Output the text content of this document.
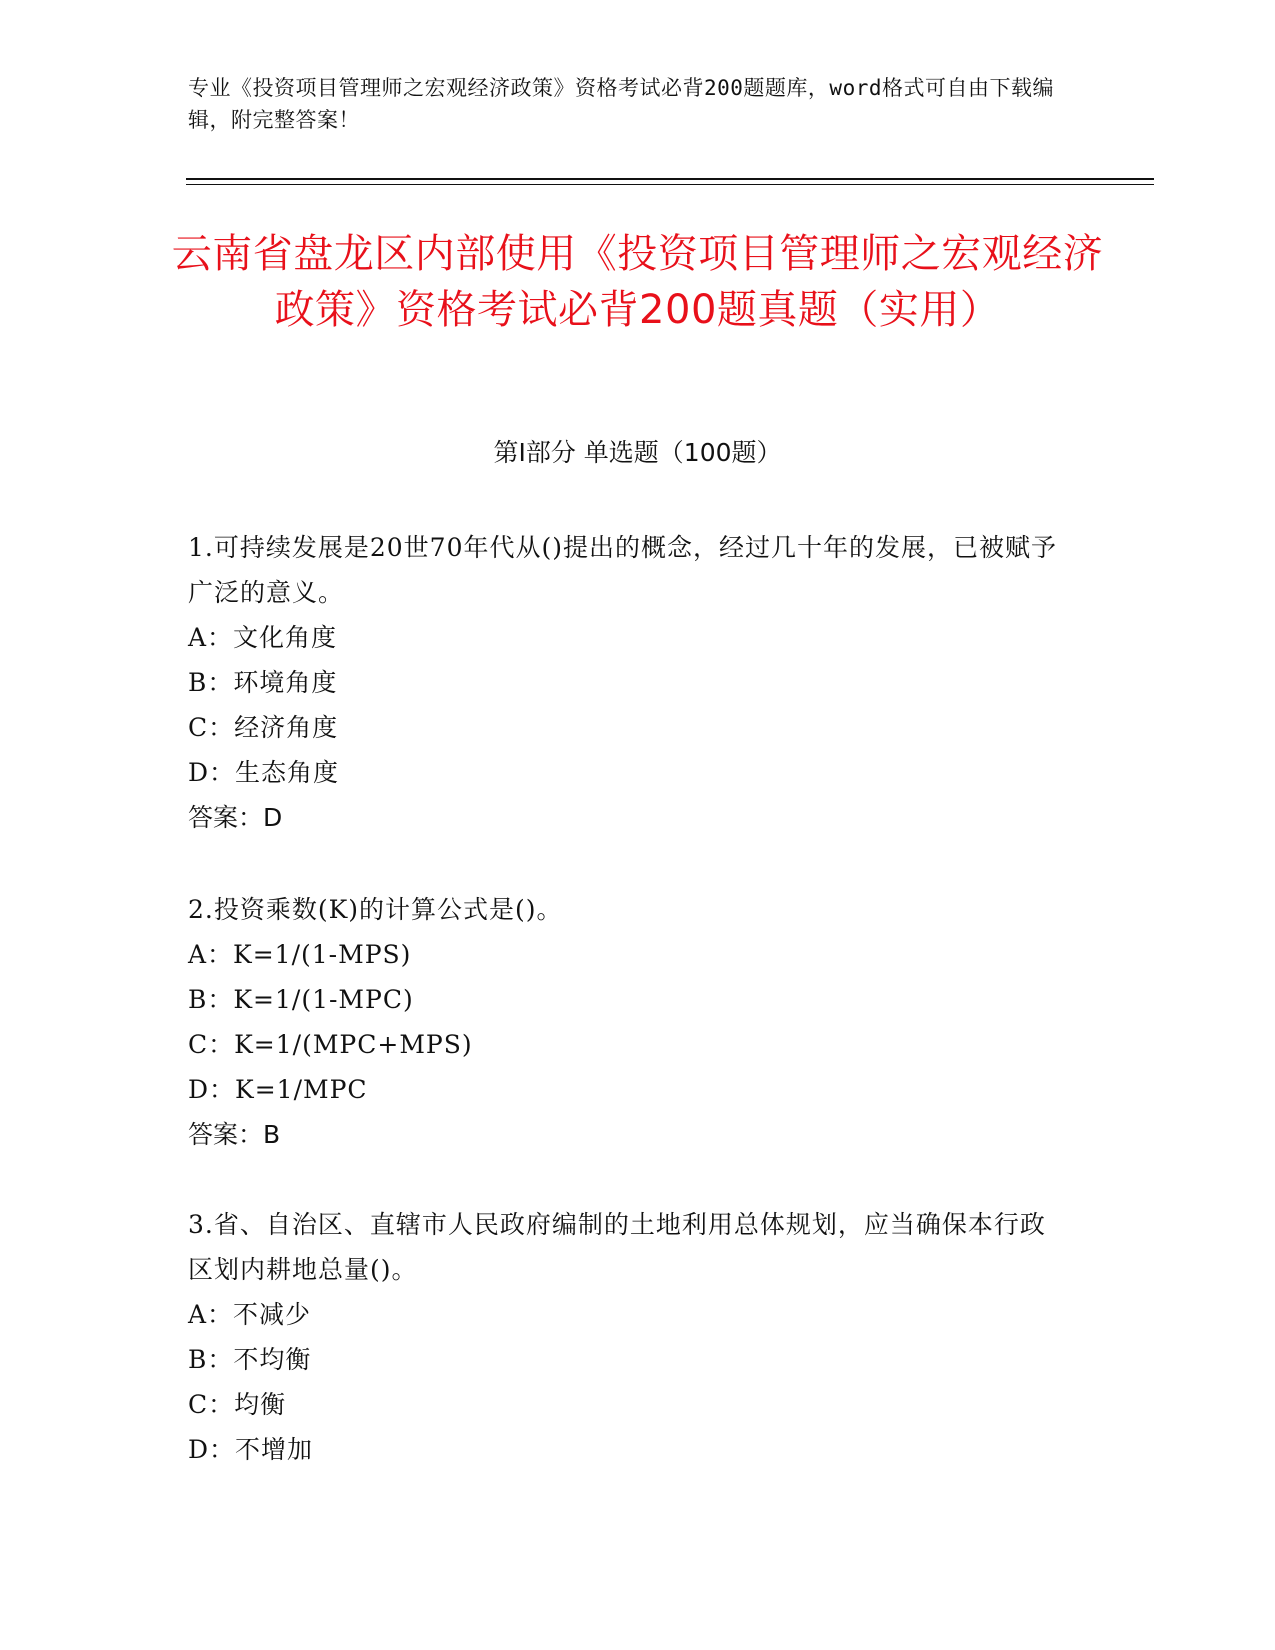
专业《投资项目管理师之宏观经济政策》资格考试必背200题题库，word格式可自由下载编辑，附完整答案！
云南省盘龙区内部使用《投资项目管理师之宏观经济政策》资格考试必背200题真题（实用）
第Ⅰ部分 单选题（100题）
1.可持续发展是20世70年代从()提出的概念，经过几十年的发展，已被赋予广泛的意义。
A：文化角度
B：环境角度
C：经济角度
D：生态角度
答案：D
2.投资乘数(K)的计算公式是()。
A：K=1/(1-MPS)
B：K=1/(1-MPC)
C：K=1/(MPC+MPS)
D：K=1/MPC
答案：B
3.省、自治区、直辖市人民政府编制的土地利用总体规划，应当确保本行政区划内耕地总量()。
A：不减少
B：不均衡
C：均衡
D：不增加
